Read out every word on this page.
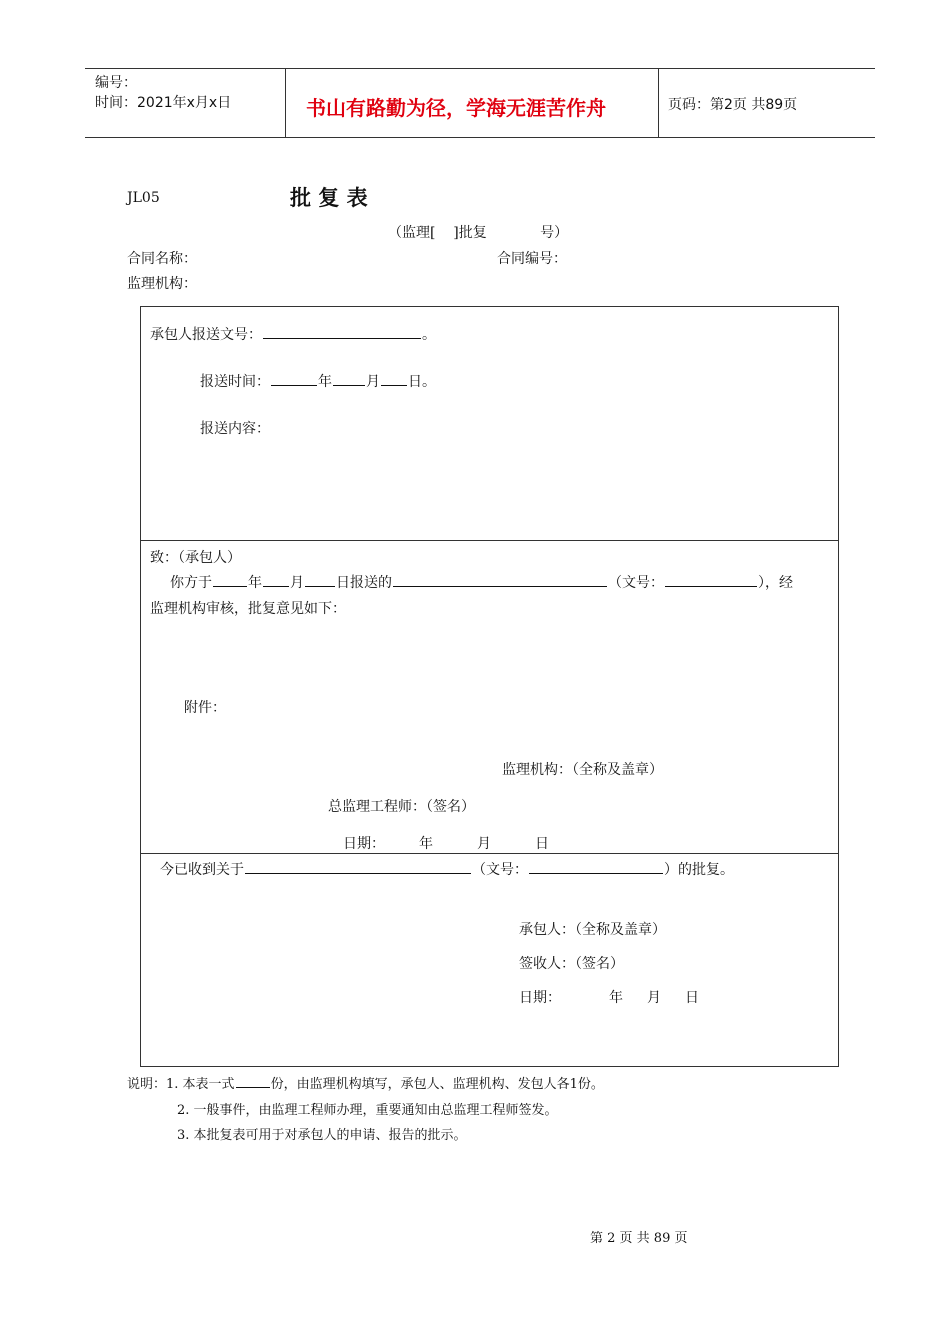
编号：
时间：2021年x月x日	书山有路勤为径，学海无涯苦作舟	页码：第2页 共89页
JL05	批 复 表
（监理[    ]批复            号）
合同名称：	合同编号：
监理机构：
承包人报送文号：	。
报送时间：	年 月 日。
报送内容：
致：（承包人）
你方于	年 月 日报送的	（文号：	），经
监理机构审核，批复意见如下：
附件：
监理机构：（全称及盖章）
总监理工程师：（签名）
日期： 年	月	日
今已收到关于	（文号：	）的批复。
承包人：（全称及盖章）
签收人：（签名）
日期：	年 月 日
说明：1. 本表一式	份，由监理机构填写，承包人、监理机构、发包人各1份。
2. 一般事件，由监理工程师办理，重要通知由总监理工程师签发。
3. 本批复表可用于对承包人的申请、报告的批示。
第 2 页 共 89 页
